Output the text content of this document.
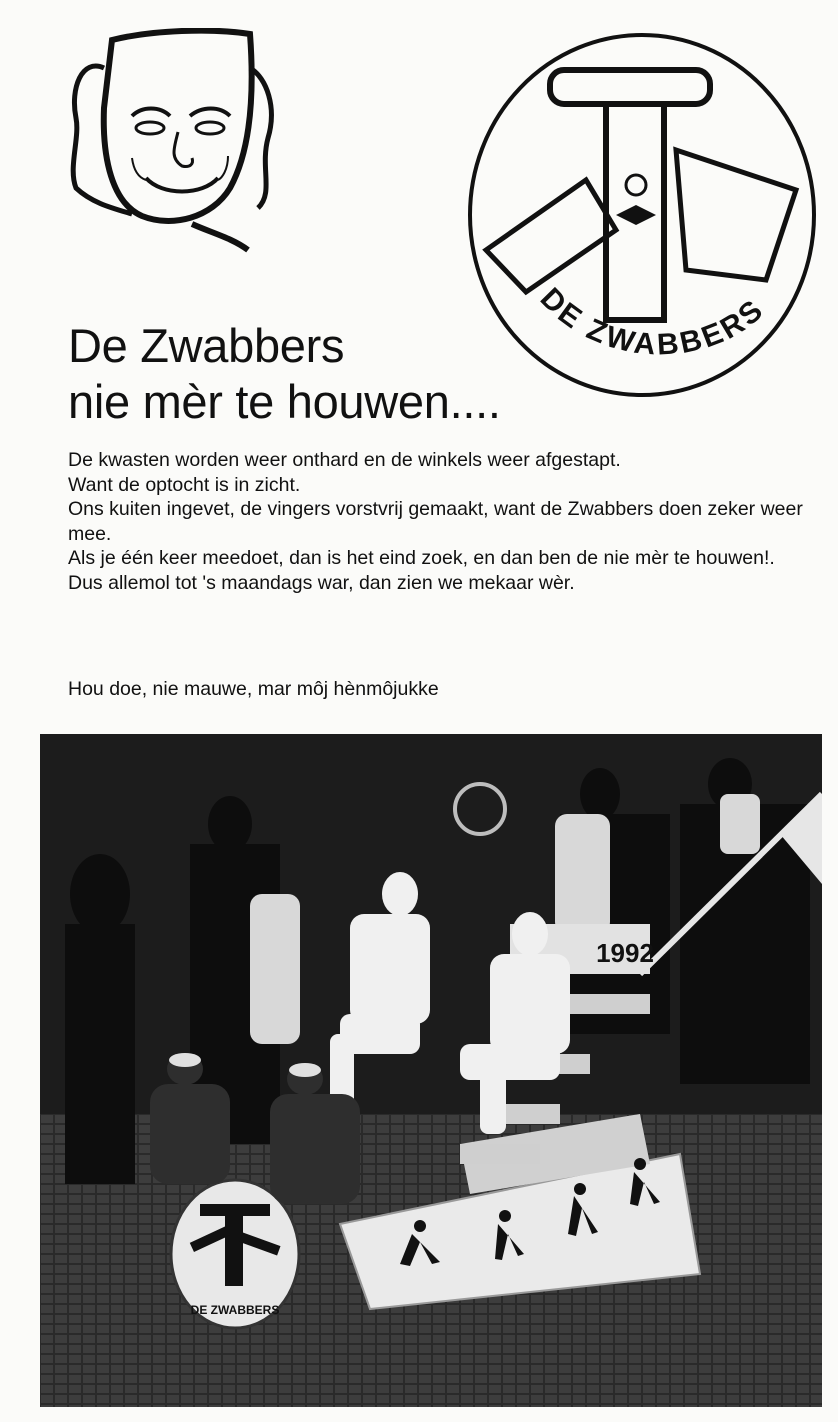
DE ZWABBERS
De Zwabbers
nie mèr te houwen....

De kwasten worden weer onthard en de winkels weer afgestapt.

Want de optocht is in zicht.

Ons kuiten ingevet, de vingers vorstvrij gemaakt, want de Zwabbers doen zeker weer mee.

Als je één keer meedoet, dan is het eind zoek, en dan ben de nie mèr te houwen!.

Dus allemol tot 's maandags war, dan zien we mekaar wèr.

Hou doe, nie mauwe, mar môj hènmôjukke
1992
DE ZWABBERS
